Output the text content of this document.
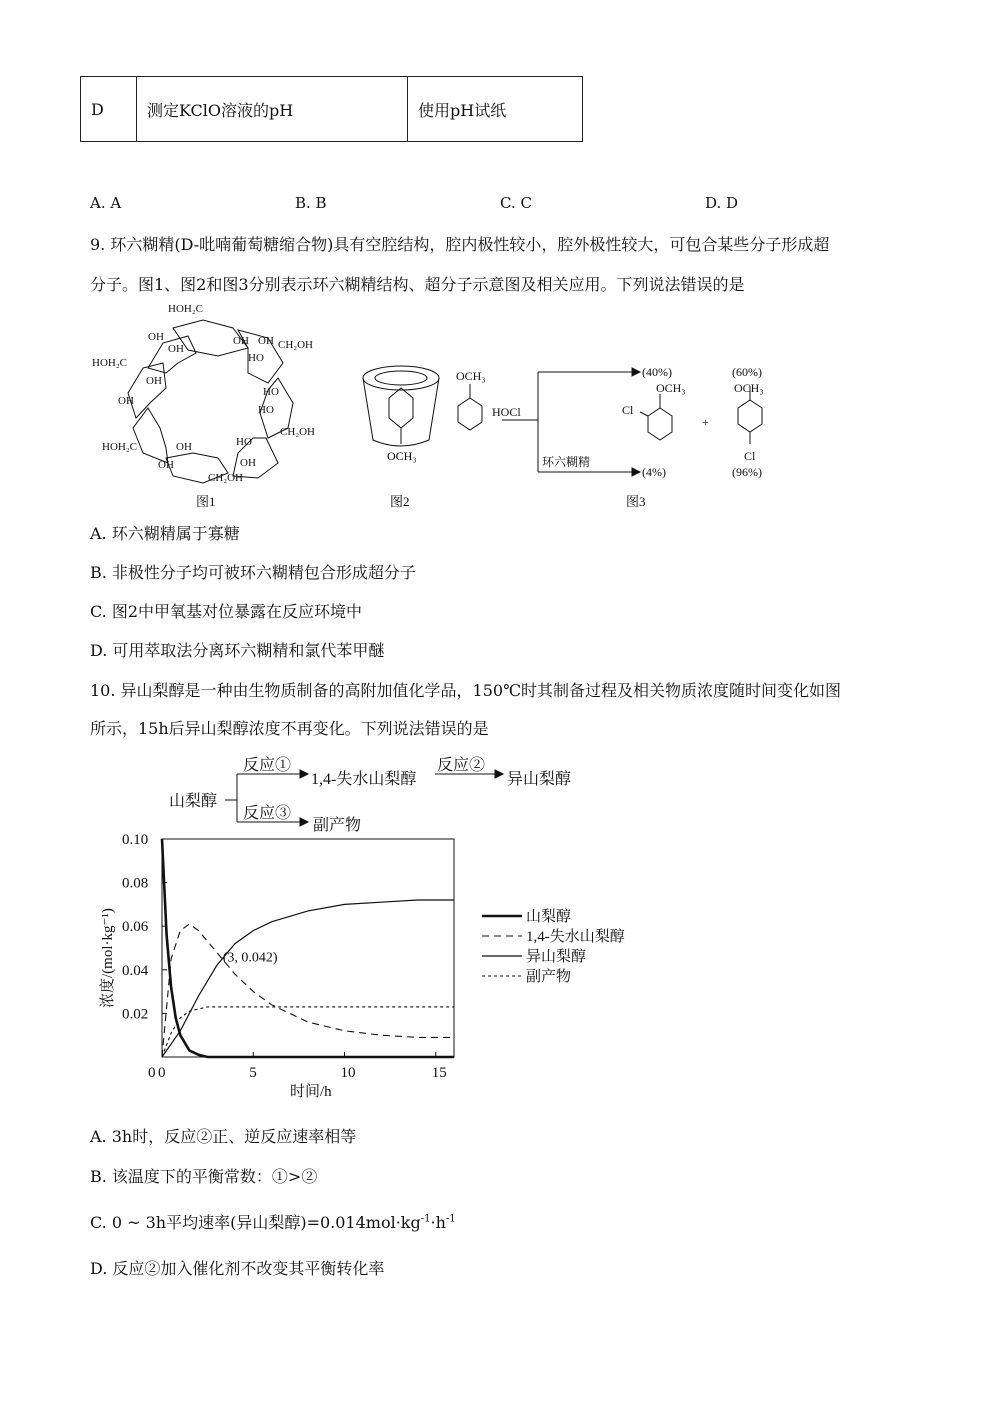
D	测定KClO溶液的pH	使用pH试纸
A. A	B. B	C. C	D. D
9. 环六糊精(D-吡喃葡萄糖缩合物)具有空腔结构，腔内极性较小，腔外极性较大，可包合某些分子形成超
分子。图1、图2和图3分别表示环六糊精结构、超分子示意图及相关应用。下列说法错误的是
HOH₂C
OH
OH
OH OH
HO
CH₂OH
HOH₂C
OH
HO
OH
HO
CH₂OH
HOH₂C	OH	HO
OH	OH
CH₂OH
图1
OCH₃
图2
OCH₃
HOCl
环六糊精
(40%)
(4%)
OCH₃
Cl
+
(60%)
OCH₃
Cl
(96%)
图3
A. 环六糊精属于寡糖
B. 非极性分子均可被环六糊精包合形成超分子
C. 图2中甲氧基对位暴露在反应环境中
D. 可用萃取法分离环六糊精和氯代苯甲醚
10. 异山梨醇是一种由生物质制备的高附加值化学品，150℃时其制备过程及相关物质浓度随时间变化如图
所示，15h后异山梨醇浓度不再变化。下列说法错误的是
山梨醇
反应①
1,4-失水山梨醇
反应②
异山梨醇
反应③
副产物
0	5	10	15
0.02
0.04
0.06
0.08
0.10
0
浓度/(mol·kg⁻¹)
时间/h
(3, 0.042)
山梨醇
1,4-失水山梨醇
异山梨醇
副产物
A. 3h时，反应②正、逆反应速率相等
B. 该温度下的平衡常数：①>②
C. 0 ~ 3h平均速率(异山梨醇)$=0.014mol\cdot kg^{-1}\cdot h^{-1}$
D. 反应②加入催化剂不改变其平衡转化率
